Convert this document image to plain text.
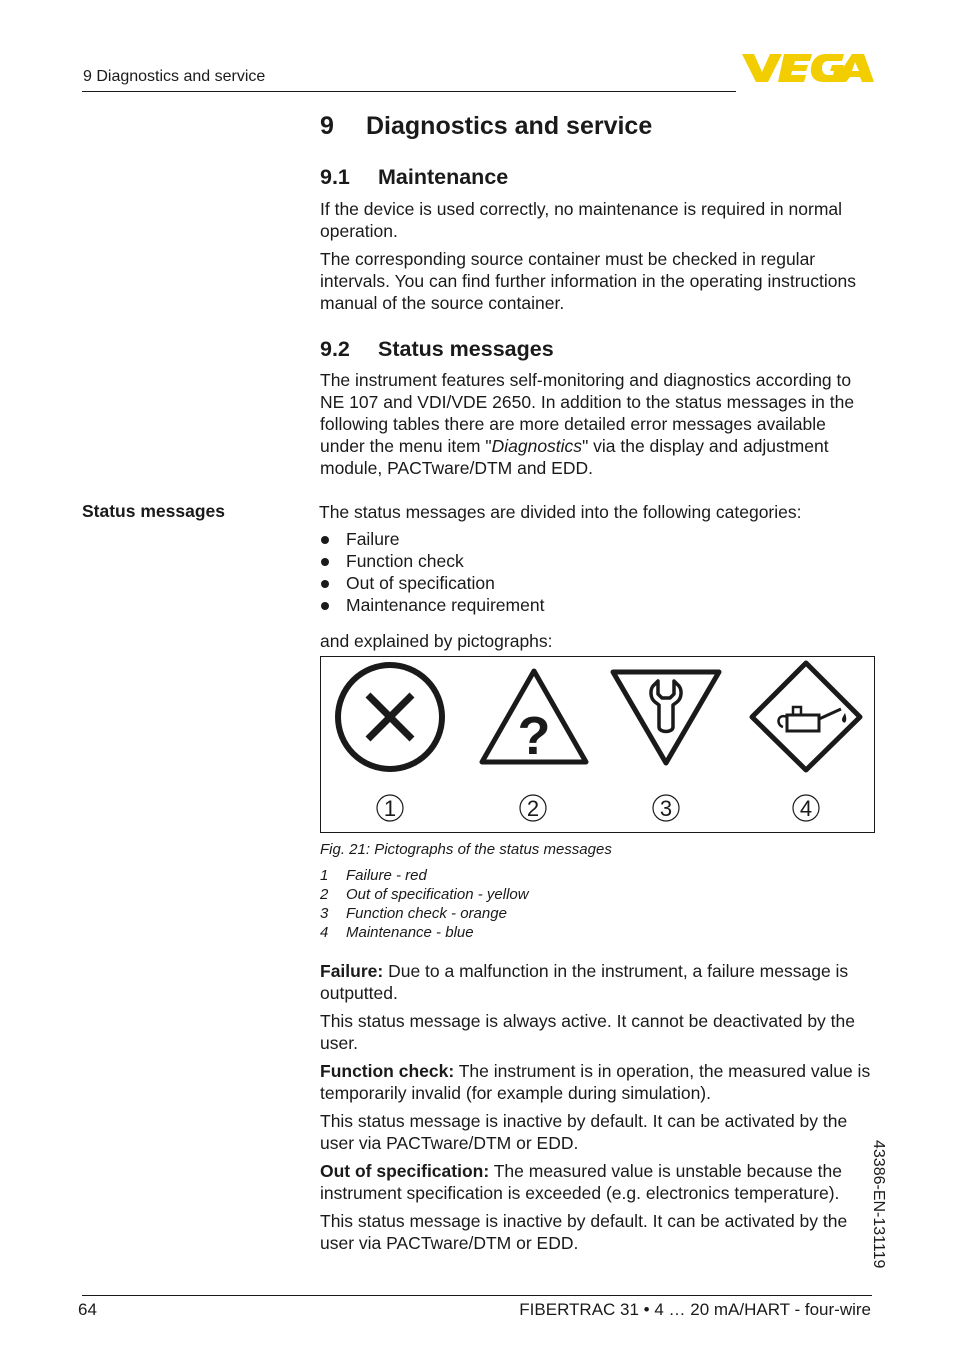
9 Diagnostics and service
9 Diagnostics and service
9.1 Maintenance

If the device is used correctly, no maintenance is required in normal operation.

The corresponding source container must be checked in regular intervals. You can find further information in the operating instructions manual of the source container.

9.2 Status messages

The instrument features self-monitoring and diagnostics according to NE 107 and VDI/VDE 2650. In addition to the status messages in the following tables there are more detailed error messages available under the menu item "Diagnostics" via the display and adjustment module, PACTware/DTM and EDD.

Status messages	The status messages are divided into the following categories:

Failure
Function check
Out of specification
Maintenance requirement

and explained by pictographs:

?
1	2	3	4
Fig. 21: Pictographs of the status messages
1 Failure - red
2 Out of specification - yellow
3 Function check - orange
4 Maintenance - blue

Failure: Due to a malfunction in the instrument, a failure message is outputted.

This status message is always active. It cannot be deactivated by the user.

Function check: The instrument is in operation, the measured value is temporarily invalid (for example during simulation).

This status message is inactive by default. It can be activated by the user via PACTware/DTM or EDD.

Out of specification: The measured value is unstable because the instrument specification is exceeded (e.g. electronics temperature).

This status message is inactive by default. It can be activated by the user via PACTware/DTM or EDD.	43386-EN-131119
64	FIBERTRAC 31 • 4 … 20 mA/HART - four-wire
